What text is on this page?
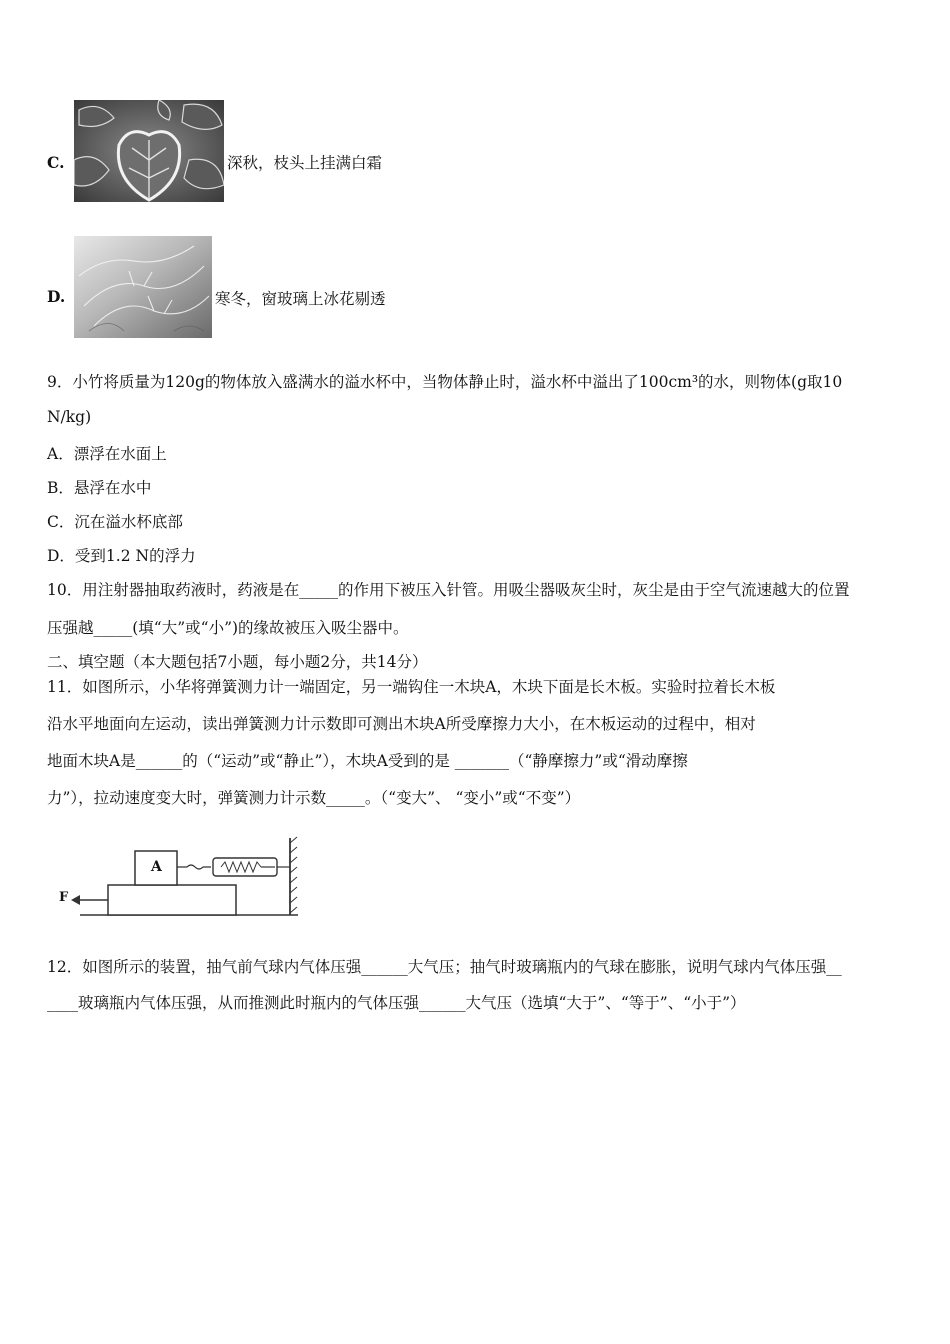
C.	深秋，枝头上挂满白霜
D.	寒冬，窗玻璃上冰花剔透
9．小竹将质量为120g的物体放入盛满水的溢水杯中，当物体静止时，溢水杯中溢出了100cm³的水，则物体(g取10
N/kg)
A．漂浮在水面上
B．悬浮在水中
C．沉在溢水杯底部
D．受到1.2 N的浮力
10．用注射器抽取药液时，药液是在_____的作用下被压入针管。用吸尘器吸灰尘时，灰尘是由于空气流速越大的位置
压强越_____(填“大”或“小”)的缘故被压入吸尘器中。
二、填空题（本大题包括7小题，每小题2分，共14分）
11．如图所示，小华将弹簧测力计一端固定，另一端钩住一木块A，木块下面是长木板。实验时拉着长木板
沿水平地面向左运动，读出弹簧测力计示数即可测出木块A所受摩擦力大小，在木板运动的过程中，相对
地面木块A是______的（“运动”或“静止”），木块A受到的是 _______（“静摩擦力”或“滑动摩擦
力”），拉动速度变大时，弹簧测力计示数_____。（“变大”、 “变小”或“不变”）
A
F
12．如图所示的装置，抽气前气球内气体压强______大气压；抽气时玻璃瓶内的气球在膨胀，说明气球内气体压强__
____玻璃瓶内气体压强，从而推测此时瓶内的气体压强______大气压（选填“大于”、“等于”、“小于”）
